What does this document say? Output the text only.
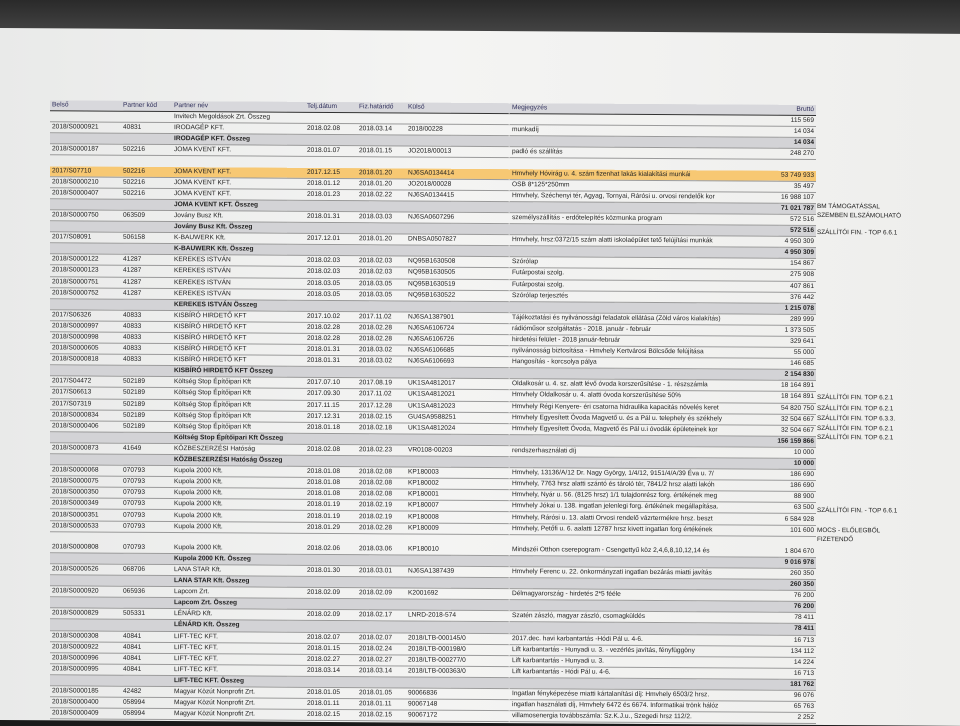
Belső	Partner kód	Partner név	Telj.dátum	Fiz.határidő	Külső	Megjegyzés	Bruttó
		Invitech Megoldások Zrt. Összeg					115 569
2018/S0000921	40831	IRODAGÉP KFT.	2018.02.08	2018.03.14	2018/00228	munkadíj	14 034
		IRODAGÉP KFT. Összeg					14 034
2018/S0000187	502216	JOMA KVENT KFT.	2018.01.07	2018.01.15	JO2018/00013	padló és szállítás	248 270

2017/S07710	502216	JOMA KVENT KFT.	2017.12.15	2018.01.20	NJ6SA0134414	Hmvhely Hóvirág u. 4. szám fizenhat lakás kialakítási munkái	53 749 933
2018/S0000210	502216	JOMA KVENT KFT.	2018.01.12	2018.01.20	JO2018/00028	OSB 8*125*250mm	35 497
2018/S0000407	502216	JOMA KVENT KFT.	2018.01.23	2018.02.22	NJ6SA0134415	Hmvhely, Széchenyi tér, Agyag, Tornyai, Rárósi u. orvosi rendelők kor	16 988 107
		JOMA KVENT KFT. Összeg					71 021 787
2018/S0000750	063509	Jovány Busz Kft.	2018.01.31	2018.03.03	NJ6SA0607296	személyszállítás - erdőtelepítés közmunka program	572 516
		Jovány Busz Kft. Összeg					572 516
2017/S08091	506158	K-BAUWERK Kft.	2017.12.01	2018.01.20	DNBSA0507827	Hmvhely, hrsz:0372/15 szám alatti iskolaépület tető felújítási munkák	4 950 309
		K-BAUWERK Kft. Összeg					4 950 309
2018/S0000122	41287	KEREKES ISTVÁN	2018.02.03	2018.02.03	NQ95B1630508	Szórólap	154 867
2018/S0000123	41287	KEREKES ISTVÁN	2018.02.03	2018.02.03	NQ95B1630505	Futárpostai szolg.	275 908
2018/S0000751	41287	KEREKES ISTVÁN	2018.03.05	2018.03.05	NQ95B1630519	Futárpostai szolg.	407 861
2018/S0000752	41287	KEREKES ISTVÁN	2018.03.05	2018.03.05	NQ95B1630522	Szórólap terjesztés	376 442
		KEREKES ISTVÁN Összeg					1 215 078
2017/S06326	40833	KISBÍRÓ HIRDETŐ KFT	2017.10.02	2017.11.02	NJ6SA1387901	Tájékoztatási és nyilvánossági feladatok ellátása (Zöld város kialakítás)	289 999
2018/S0000997	40833	KISBÍRÓ HIRDETŐ KFT	2018.02.28	2018.02.28	NJ6SA6106724	rádióműsor szolgáltatás - 2018. január - február	1 373 505
2018/S0000998	40833	KISBÍRÓ HIRDETŐ KFT	2018.02.28	2018.02.28	NJ6SA6106726	hirdetési felület - 2018 január-február	329 641
2018/S0000605	40833	KISBÍRÓ HIRDETŐ KFT	2018.01.31	2018.03.02	NJ6SA6106685	nyilvánosság biztosítása - Hmvhely Kertvárosi Bölcsőde felújítása	55 000
2018/S0000818	40833	KISBÍRÓ HIRDETŐ KFT	2018.01.31	2018.03.02	NJ6SA6106693	Hangosítás - korcsolya pálya	146 685
		KISBÍRÓ HIRDETŐ KFT Összeg					2 154 830
2017/S04472	502189	Költség Stop Építőipari Kft	2017.07.10	2017.08.19	UK1SA4812017	Oldalkosár u. 4. sz. alatt lévő óvoda korszerűsítése - 1. részszámla	18 164 891
2017/S06613	502189	Költség Stop Építőipari Kft	2017.09.30	2017.11.02	UK1SA4812021	Hmvhely Oldalkosár u. 4. alatti óvoda korszerűsítése 50%	18 164 891
2017/S07319	502189	Költség Stop Építőipari Kft	2017.11.15	2017.12.28	UK1SA4812023	Hmvhely Régi Kenyere- éri csatorna hidraulika kapacitás növelés keret	54 820 750
2018/S0000834	502189	Költség Stop Építőipari Kft	2017.12.31	2018.02.15	GU4SA9588251	Hmvhely Egyesített Óvoda Magvető u. és a Pál u. telephely és székhely	32 504 667
2018/S0000406	502189	Költség Stop Építőipari Kft	2018.01.18	2018.02.18	UK1SA4812024	Hmvhely Egyesített Óvoda, Magvető és Pál u.i óvodák épületeinek kor	32 504 667
		Költség Stop Építőipari Kft Összeg					156 159 866
2018/S0000873	41649	KÖZBESZERZÉSI Hatóság	2018.02.08	2018.02.23	VR0108-00203	rendszerhasználati díj	10 000
		KÖZBESZERZÉSI Hatóság Összeg					10 000
2018/S0000068	070793	Kupola 2000 Kft.	2018.01.08	2018.02.08	KP180003	Hmvhely, 13136/A/12 Dr. Nagy György, 1/4/12, 9151/4/A/39 Éva u. 7/	186 690
2018/S0000075	070793	Kupola 2000 Kft.	2018.01.08	2018.02.08	KP180002	Hmvhely, 7763 hrsz alatti szántó és tároló tér, 7841/2 hrsz alatti lakóh	186 690
2018/S0000350	070793	Kupola 2000 Kft.	2018.01.08	2018.02.08	KP180001	Hmvhely, Nyár u. 56. (8125 hrsz) 1/1 tulajdonrész forg. értékének meg	88 900
2018/S0000349	070793	Kupola 2000 Kft.	2018.01.19	2018.02.19	KP180007	Hmvhely Jókai u. 138. ingatlan jelenlegi forg. értékének megállapítása.	63 500
2018/S0000351	070793	Kupola 2000 Kft.	2018.01.19	2018.02.19	KP180008	Hmvhely, Rárósi u. 13. alatti Orvosi rendelő vázrtermékre hrsz. beszt	6 584 928
2018/S0000533	070793	Kupola 2000 Kft.	2018.01.29	2018.02.28	KP180009	Hmvhely, Petőfi u. 6. aalatti 12787 hrsz kivett ingatlan forg értékének	101 600

2018/S0000808	070793	Kupola 2000 Kft.	2018.02.06	2018.03.06	KP180010	Mindszéi Otthon cserepogram - Csengettyű köz 2,4,6,8,10,12,14 és	1 804 670
		Kupola 2000 Kft. Összeg					9 016 978
2018/S0000526	068706	LANA STAR Kft.	2018.01.30	2018.03.01	NJ6SA1387439	Hmvhely Ferenc u. 22. önkormányzati ingatlan bezárás miatti javítás	260 350
		LANA STAR Kft. Összeg					260 350
2018/S0000920	065936	Lapcom Zrt.	2018.02.09	2018.02.09	K2001692	Délmagyarország - hirdetés 2*5 fééle	76 200
		Lapcom Zrt. Összeg					76 200
2018/S0000829	505331	LÉNÁRD Kft.	2018.02.09	2018.02.17	LNRD-2018-574	Szatén zászló, magyar zászló, csomagküldés	78 411
		LÉNÁRD Kft. Összeg					78 411
2018/S0000308	40841	LIFT-TEC KFT.	2018.02.07	2018.02.07	2018/LTB-000145/0	2017.dec. havi karbantartás -Hódi Pál u. 4-6.	16 713
2018/S0000922	40841	LIFT-TEC KFT.	2018.01.15	2018.02.24	2018/LTB-000198/0	Lift karbantartás - Hunyadi u. 3. - vezérlés javítás, fényfüggöny	134 112
2018/S0000996	40841	LIFT-TEC KFT.	2018.02.27	2018.02.27	2018/LTB-000277/0	Lift karbantartás - Hunyadi u. 3.	14 224
2018/S0000995	40841	LIFT-TEC KFT.	2018.03.14	2018.03.14	2018/LTB-000363/0	Lift karbantartás - Hódi Pál u. 4-6.	16 713
		LIFT-TEC KFT. Összeg					181 762
2018/S0000185	42482	Magyar Közút Nonprofit Zrt.	2018.01.05	2018.01.05	90066836	Ingatlan fényképezése miatti kártalanítási díj: Hmvhely 6503/2 hrsz.	96 076
2018/S0000400	058994	Magyar Közút Nonprofit Zrt.	2018.01.11	2018.01.11	90067148	ingatlan használati díj, Hmvhely 6472 és 6674. Informatikai trönk hálóz	65 763
2018/S0000409	058994	Magyar Közút Nonprofit Zrt.	2018.02.15	2018.02.15	90067172	villamosenergia továbbszámla: Sz.K.J.u., Szegedi hrsz 112/2.	2 252
BM TÁMOGATÁSSAL
SZEMBEN ELSZÁMOLHATÓ
SZÁLLÍTÓI FIN. - TOP 6.6.1
SZÁLLÍTÓI FIN. TOP 6.2.1
SZÁLLÍTÓI FIN. TOP 6.2.1
SZÁLLÍTÓI FIN. TOP 6.3.3.
SZÁLLÍTÓI FIN. TOP 6.2.1
SZÁLLÍTÓI FIN. TOP 6.2.1
SZÁLLÍTÓI FIN. - TOP 6.6.1
MOCS - ELŐLEGBŐL
FIZETENDŐ
